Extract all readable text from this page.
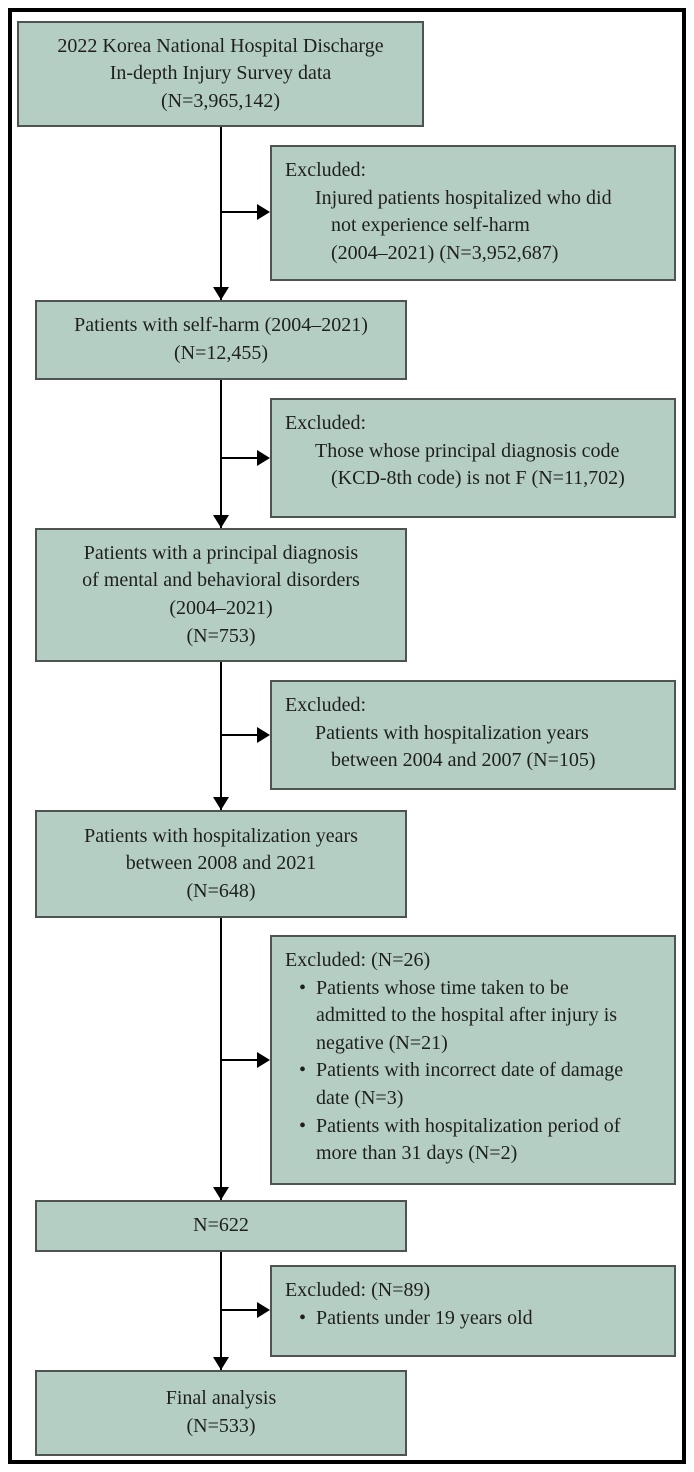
2022 Korea National Hospital Discharge
In-depth Injury Survey data
(N=3,965,142)
Excluded:
Injured patients hospitalized who did
not experience self-harm
(2004–2021) (N=3,952,687)
Patients with self-harm (2004–2021)
(N=12,455)
Excluded:
Those whose principal diagnosis code
(KCD-8th code) is not F (N=11,702)
Patients with a principal diagnosis
of mental and behavioral disorders
(2004–2021)
(N=753)
Excluded:
Patients with hospitalization years
between 2004 and 2007 (N=105)
Patients with hospitalization years
between 2008 and 2021
(N=648)
Excluded: (N=26)
• Patients whose time taken to be admitted to the hospital after injury is negative (N=21)
• Patients with incorrect date of damage date (N=3)
• Patients with hospitalization period of more than 31 days (N=2)
N=622
Excluded: (N=89)
• Patients under 19 years old
Final analysis
(N=533)
